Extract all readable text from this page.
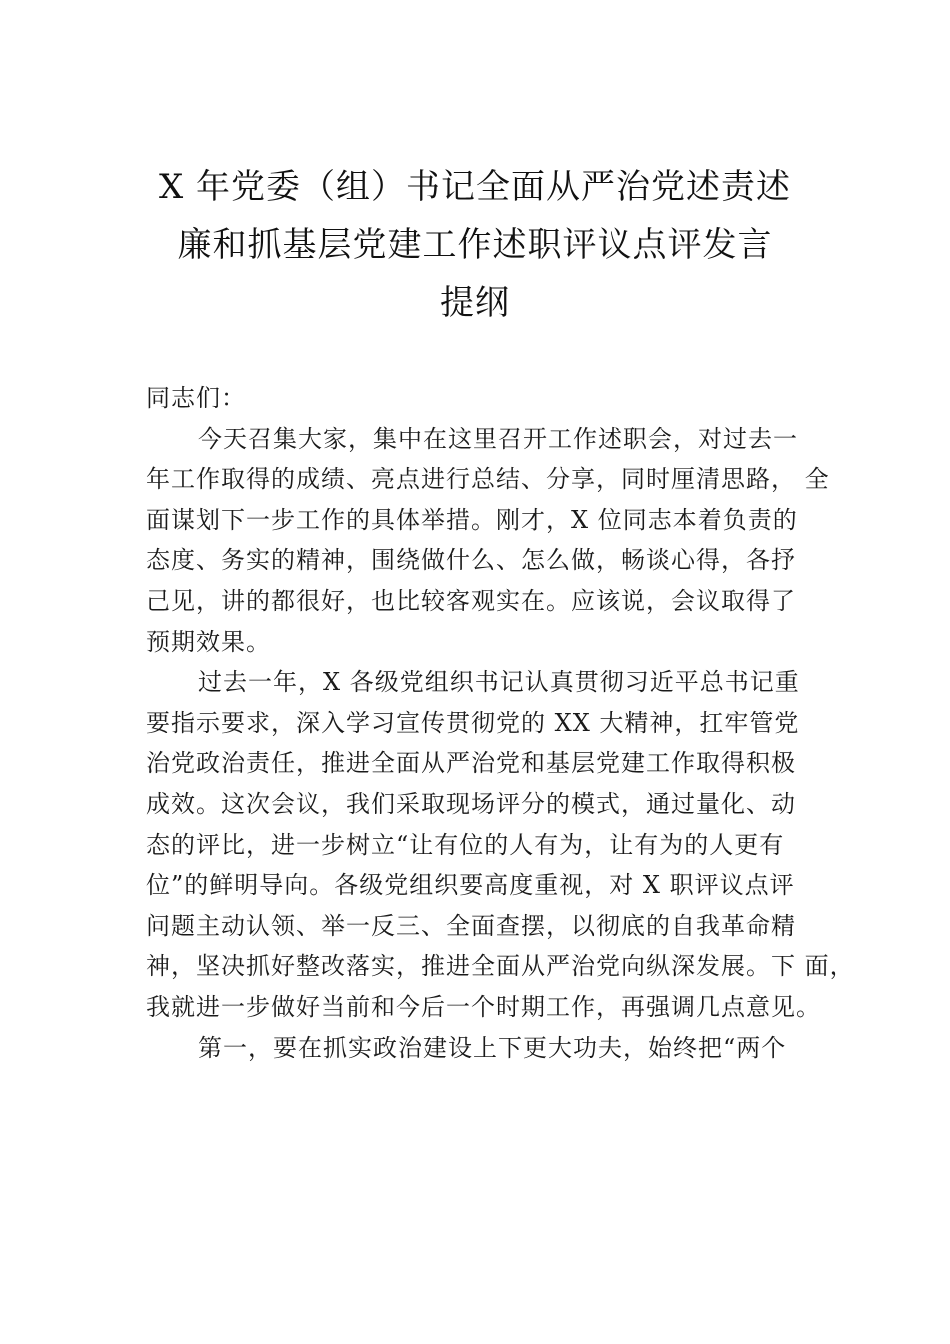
X 年党委（组）书记全面从严治党述责述
廉和抓基层党建工作述职评议点评发言
提纲
同志们：
今天召集大家，集中在这里召开工作述职会，对过去一
年工作取得的成绩、亮点进行总结、分享，同时厘清思路， 全
面谋划下一步工作的具体举措。刚才，X 位同志本着负责的
态度、务实的精神，围绕做什么、怎么做，畅谈心得，各抒
己见，讲的都很好，也比较客观实在。应该说，会议取得了
预期效果。
过去一年，X 各级党组织书记认真贯彻习近平总书记重
要指示要求，深入学习宣传贯彻党的 XX 大精神，扛牢管党
治党政治责任，推进全面从严治党和基层党建工作取得积极
成效。这次会议，我们采取现场评分的模式，通过量化、动
态的评比，进一步树立“让有位的人有为，让有为的人更有
位”的鲜明导向。各级党组织要高度重视，对 X 职评议点评
问题主动认领、举一反三、全面查摆，以彻底的自我革命精
神，坚决抓好整改落实，推进全面从严治党向纵深发展。下 面，
我就进一步做好当前和今后一个时期工作，再强调几点意见。
第一，要在抓实政治建设上下更大功夫，始终把“两个
